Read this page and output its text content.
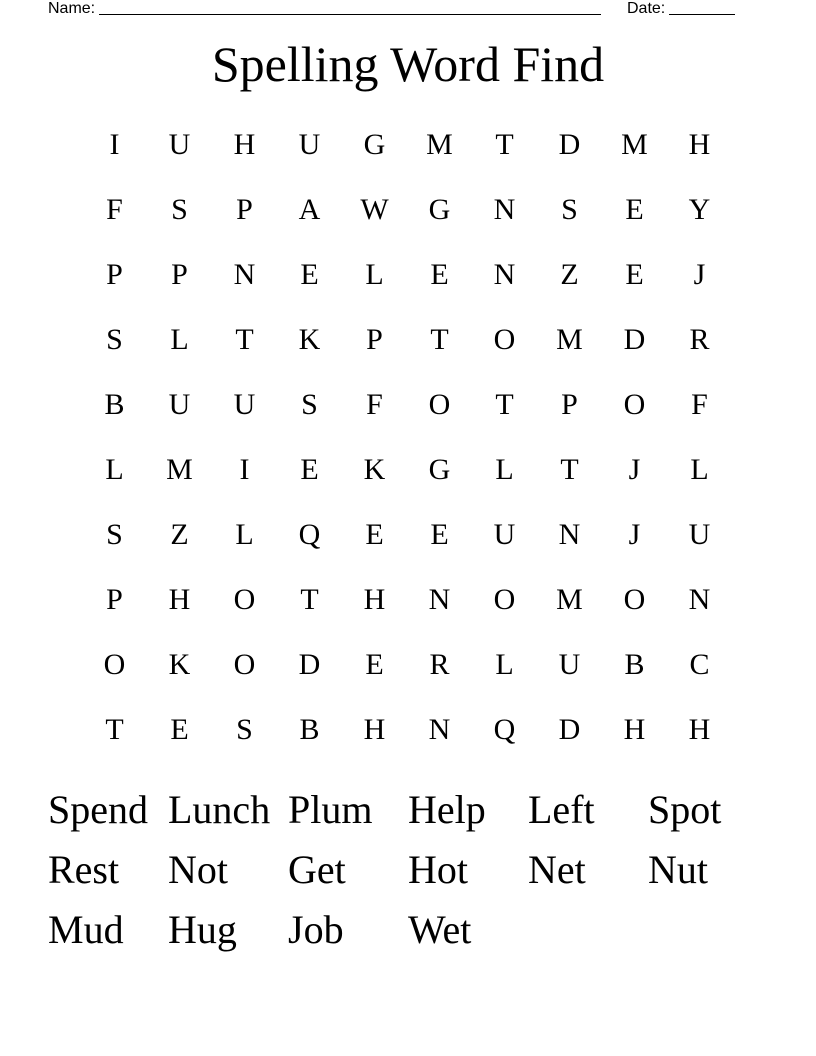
Name:	Date:
Spelling Word Find
I	U	H	U	G	M	T	D	M	H
F	S	P	A	W	G	N	S	E	Y
P	P	N	E	L	E	N	Z	E	J
S	L	T	K	P	T	O	M	D	R
B	U	U	S	F	O	T	P	O	F
L	M	I	E	K	G	L	T	J	L
S	Z	L	Q	E	E	U	N	J	U
P	H	O	T	H	N	O	M	O	N
O	K	O	D	E	R	L	U	B	C
T	E	S	B	H	N	Q	D	H	H
Spend Lunch Plum Help	Left	Spot
Rest	Not	Get	Hot	Net	Nut
Mud	Hug	Job	Wet
